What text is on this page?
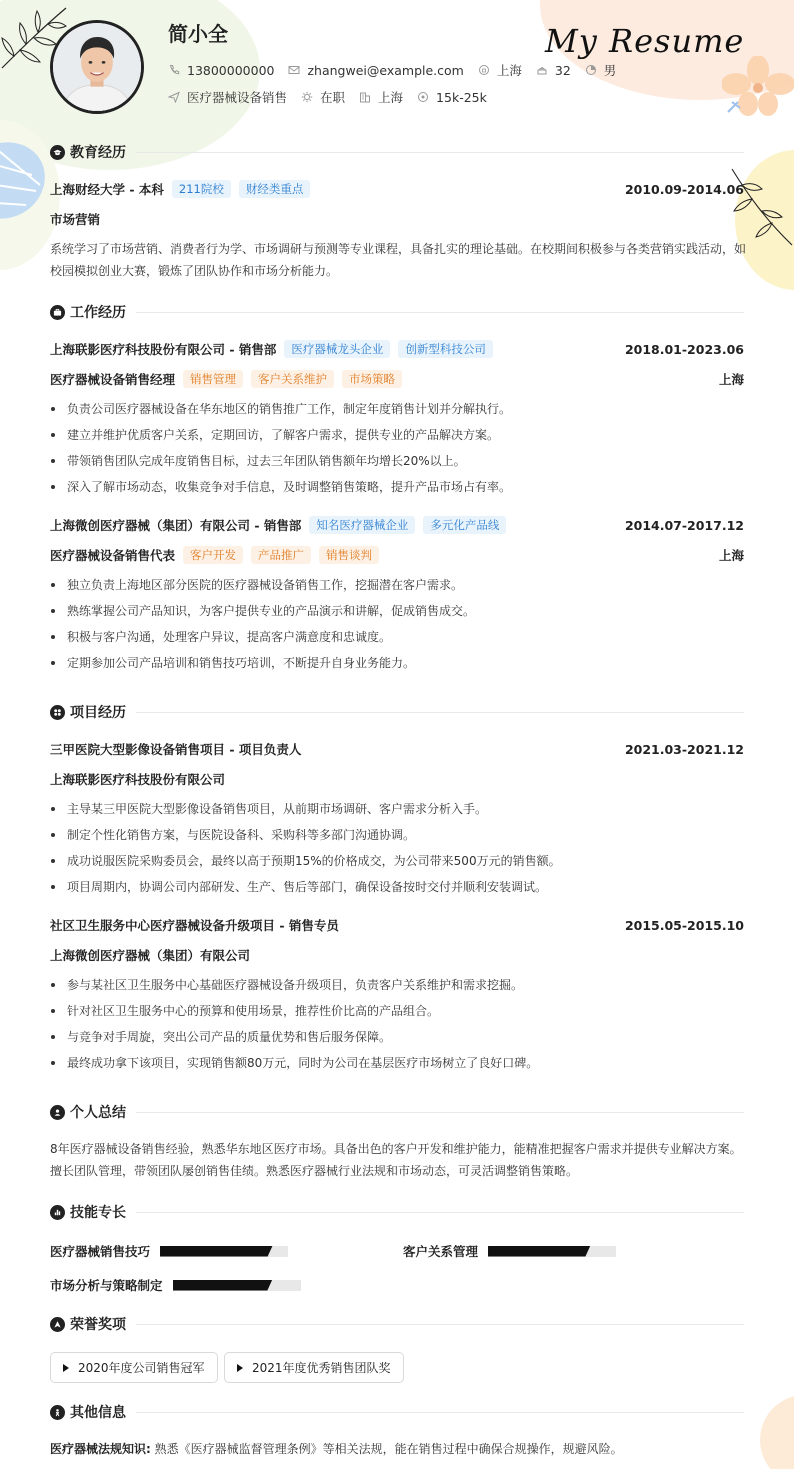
简小全	My Resume
13800000000	zhangwei@example.com	上海	32	男
医疗器械设备销售	在职	上海	15k-25k
教育经历
上海财经大学 - 本科	211院校	财经类重点	2010.09-2014.06
市场营销
系统学习了市场营销、消费者行为学、市场调研与预测等专业课程，具备扎实的理论基础。在校期间积极参与各类营销实践活动，如校园模拟创业大赛，锻炼了团队协作和市场分析能力。
工作经历
上海联影医疗科技股份有限公司 - 销售部	医疗器械龙头企业	创新型科技公司	2018.01-2023.06
医疗器械设备销售经理	销售管理	客户关系维护	市场策略	上海
负责公司医疗器械设备在华东地区的销售推广工作，制定年度销售计划并分解执行。
建立并维护优质客户关系，定期回访，了解客户需求，提供专业的产品解决方案。
带领销售团队完成年度销售目标，过去三年团队销售额年均增长20%以上。
深入了解市场动态，收集竞争对手信息，及时调整销售策略，提升产品市场占有率。
上海微创医疗器械（集团）有限公司 - 销售部	知名医疗器械企业	多元化产品线	2014.07-2017.12
医疗器械设备销售代表	客户开发	产品推广	销售谈判	上海
独立负责上海地区部分医院的医疗器械设备销售工作，挖掘潜在客户需求。
熟练掌握公司产品知识，为客户提供专业的产品演示和讲解，促成销售成交。
积极与客户沟通，处理客户异议，提高客户满意度和忠诚度。
定期参加公司产品培训和销售技巧培训，不断提升自身业务能力。
项目经历
三甲医院大型影像设备销售项目 - 项目负责人	2021.03-2021.12
上海联影医疗科技股份有限公司
主导某三甲医院大型影像设备销售项目，从前期市场调研、客户需求分析入手。
制定个性化销售方案，与医院设备科、采购科等多部门沟通协调。
成功说服医院采购委员会，最终以高于预期15%的价格成交，为公司带来500万元的销售额。
项目周期内，协调公司内部研发、生产、售后等部门，确保设备按时交付并顺利安装调试。
社区卫生服务中心医疗器械设备升级项目 - 销售专员	2015.05-2015.10
上海微创医疗器械（集团）有限公司
参与某社区卫生服务中心基础医疗器械设备升级项目，负责客户关系维护和需求挖掘。
针对社区卫生服务中心的预算和使用场景，推荐性价比高的产品组合。
与竞争对手周旋，突出公司产品的质量优势和售后服务保障。
最终成功拿下该项目，实现销售额80万元，同时为公司在基层医疗市场树立了良好口碑。
个人总结
8年医疗器械设备销售经验，熟悉华东地区医疗市场。具备出色的客户开发和维护能力，能精准把握客户需求并提供专业解决方案。擅长团队管理，带领团队屡创销售佳绩。熟悉医疗器械行业法规和市场动态，可灵活调整销售策略。
技能专长
医疗器械销售技巧	客户关系管理
市场分析与策略制定
荣誉奖项
2020年度公司销售冠军	2021年度优秀销售团队奖
其他信息
医疗器械法规知识: 熟悉《医疗器械监督管理条例》等相关法规，能在销售过程中确保合规操作，规避风险。
